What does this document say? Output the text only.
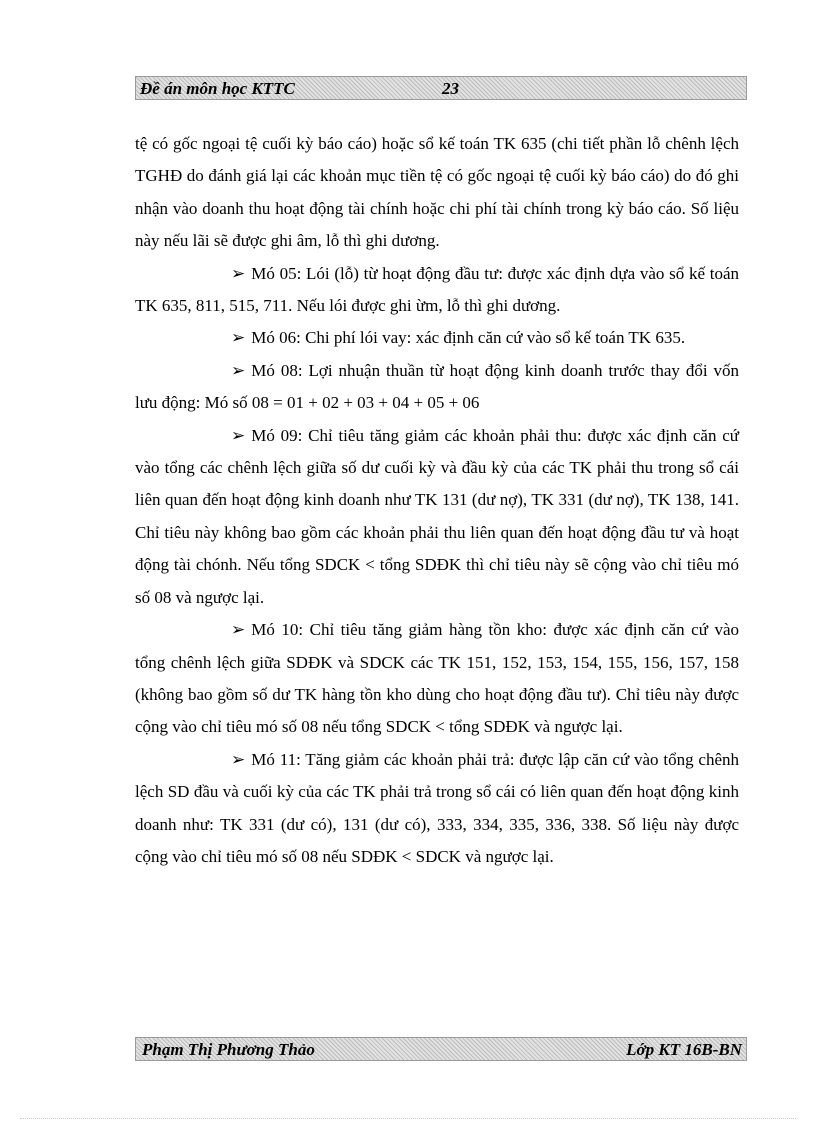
Đề án môn học KTTC	23

tệ có gốc ngoại tệ cuối kỳ báo cáo) hoặc sổ kế toán TK 635 (chi tiết phần lỗ chênh lệch TGHĐ do đánh giá lại các khoản mục tiền tệ có gốc ngoại tệ cuối kỳ báo cáo) do đó ghi nhận vào doanh thu hoạt động tài chính hoặc chi phí tài chính trong kỳ báo cáo. Số liệu này nếu lãi sẽ được ghi âm, lỗ thì ghi dương.

➢ Mó 05: Lói (lỗ) từ hoạt động đầu tư: được xác định dựa vào sổ kế toán TK 635, 811, 515, 711. Nếu lói được ghi ừm, lỗ thì ghi dương.

➢ Mó 06: Chi phí lói vay: xác định căn cứ vào sổ kế toán TK 635.

➢ Mó 08: Lợi nhuận thuần từ hoạt động kinh doanh trước thay đổi vốn lưu động: Mó số 08 = 01 + 02 + 03 + 04 + 05 + 06

➢ Mó 09: Chỉ tiêu tăng giảm các khoản phải thu: được xác định căn cứ vào tổng các chênh lệch giữa số dư cuối kỳ và đầu kỳ của các TK phải thu trong sổ cái liên quan đến hoạt động kinh doanh như TK 131 (dư nợ), TK 331 (dư nợ), TK 138, 141. Chỉ tiêu này không bao gồm các khoản phải thu liên quan đến hoạt động đầu tư và hoạt động tài chónh. Nếu tổng SDCK < tổng SDĐK thì chỉ tiêu này sẽ cộng vào chỉ tiêu mó số 08 và ngược lại.

➢ Mó 10: Chỉ tiêu tăng giảm hàng tồn kho: được xác định căn cứ vào tổng chênh lệch giữa SDĐK và SDCK các TK 151, 152, 153, 154, 155, 156, 157, 158 (không bao gồm số dư TK hàng tồn kho dùng cho hoạt động đầu tư). Chỉ tiêu này được cộng vào chỉ tiêu mó số 08 nếu tổng SDCK < tổng SDĐK và ngược lại.

➢ Mó 11: Tăng giảm các khoản phải trả: được lập căn cứ vào tổng chênh lệch SD đầu và cuối kỳ của các TK phải trả trong sổ cái có liên quan đến hoạt động kinh doanh như: TK 331 (dư có), 131 (dư có), 333, 334, 335, 336, 338. Số liệu này được cộng vào chỉ tiêu mó số 08 nếu SDĐK < SDCK và ngược lại.

Phạm Thị Phương Thảo	Lớp KT 16B-BN
